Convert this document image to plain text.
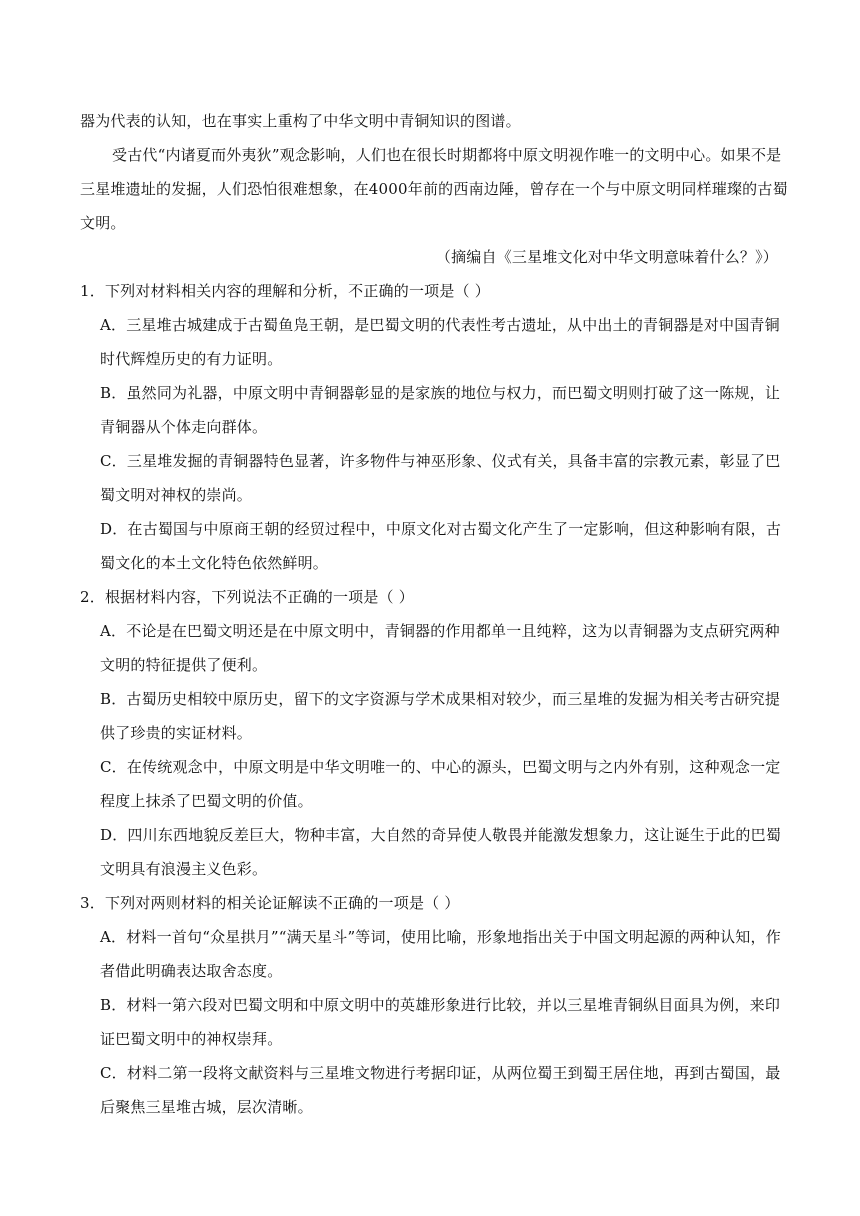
器为代表的认知，也在事实上重构了中华文明中青铜知识的图谱。
受古代“内诸夏而外夷狄”观念影响，人们也在很长时期都将中原文明视作唯一的文明中心。如果不是
三星堆遗址的发掘，人们恐怕很难想象，在4000年前的西南边陲，曾存在一个与中原文明同样璀璨的古蜀
文明。
（摘编自《三星堆文化对中华文明意味着什么？》）
1．下列对材料相关内容的理解和分析，不正确的一项是（ ）
A．三星堆古城建成于古蜀鱼凫王朝，是巴蜀文明的代表性考古遗址，从中出土的青铜器是对中国青铜
时代辉煌历史的有力证明。
B．虽然同为礼器，中原文明中青铜器彰显的是家族的地位与权力，而巴蜀文明则打破了这一陈规，让
青铜器从个体走向群体。
C．三星堆发掘的青铜器特色显著，许多物件与神巫形象、仪式有关，具备丰富的宗教元素，彰显了巴
蜀文明对神权的崇尚。
D．在古蜀国与中原商王朝的经贸过程中，中原文化对古蜀文化产生了一定影响，但这种影响有限，古
蜀文化的本土文化特色依然鲜明。
2．根据材料内容，下列说法不正确的一项是（ ）
A．不论是在巴蜀文明还是在中原文明中，青铜器的作用都单一且纯粹，这为以青铜器为支点研究两种
文明的特征提供了便利。
B．古蜀历史相较中原历史，留下的文字资源与学术成果相对较少，而三星堆的发掘为相关考古研究提
供了珍贵的实证材料。
C．在传统观念中，中原文明是中华文明唯一的、中心的源头，巴蜀文明与之内外有别，这种观念一定
程度上抹杀了巴蜀文明的价值。
D．四川东西地貌反差巨大，物种丰富，大自然的奇异使人敬畏并能激发想象力，这让诞生于此的巴蜀
文明具有浪漫主义色彩。
3．下列对两则材料的相关论证解读不正确的一项是（ ）
A．材料一首句“众星拱月”“满天星斗”等词，使用比喻，形象地指出关于中国文明起源的两种认知，作
者借此明确表达取舍态度。
B．材料一第六段对巴蜀文明和中原文明中的英雄形象进行比较，并以三星堆青铜纵目面具为例，来印
证巴蜀文明中的神权崇拜。
C．材料二第一段将文献资料与三星堆文物进行考据印证，从两位蜀王到蜀王居住地，再到古蜀国，最
后聚焦三星堆古城，层次清晰。
